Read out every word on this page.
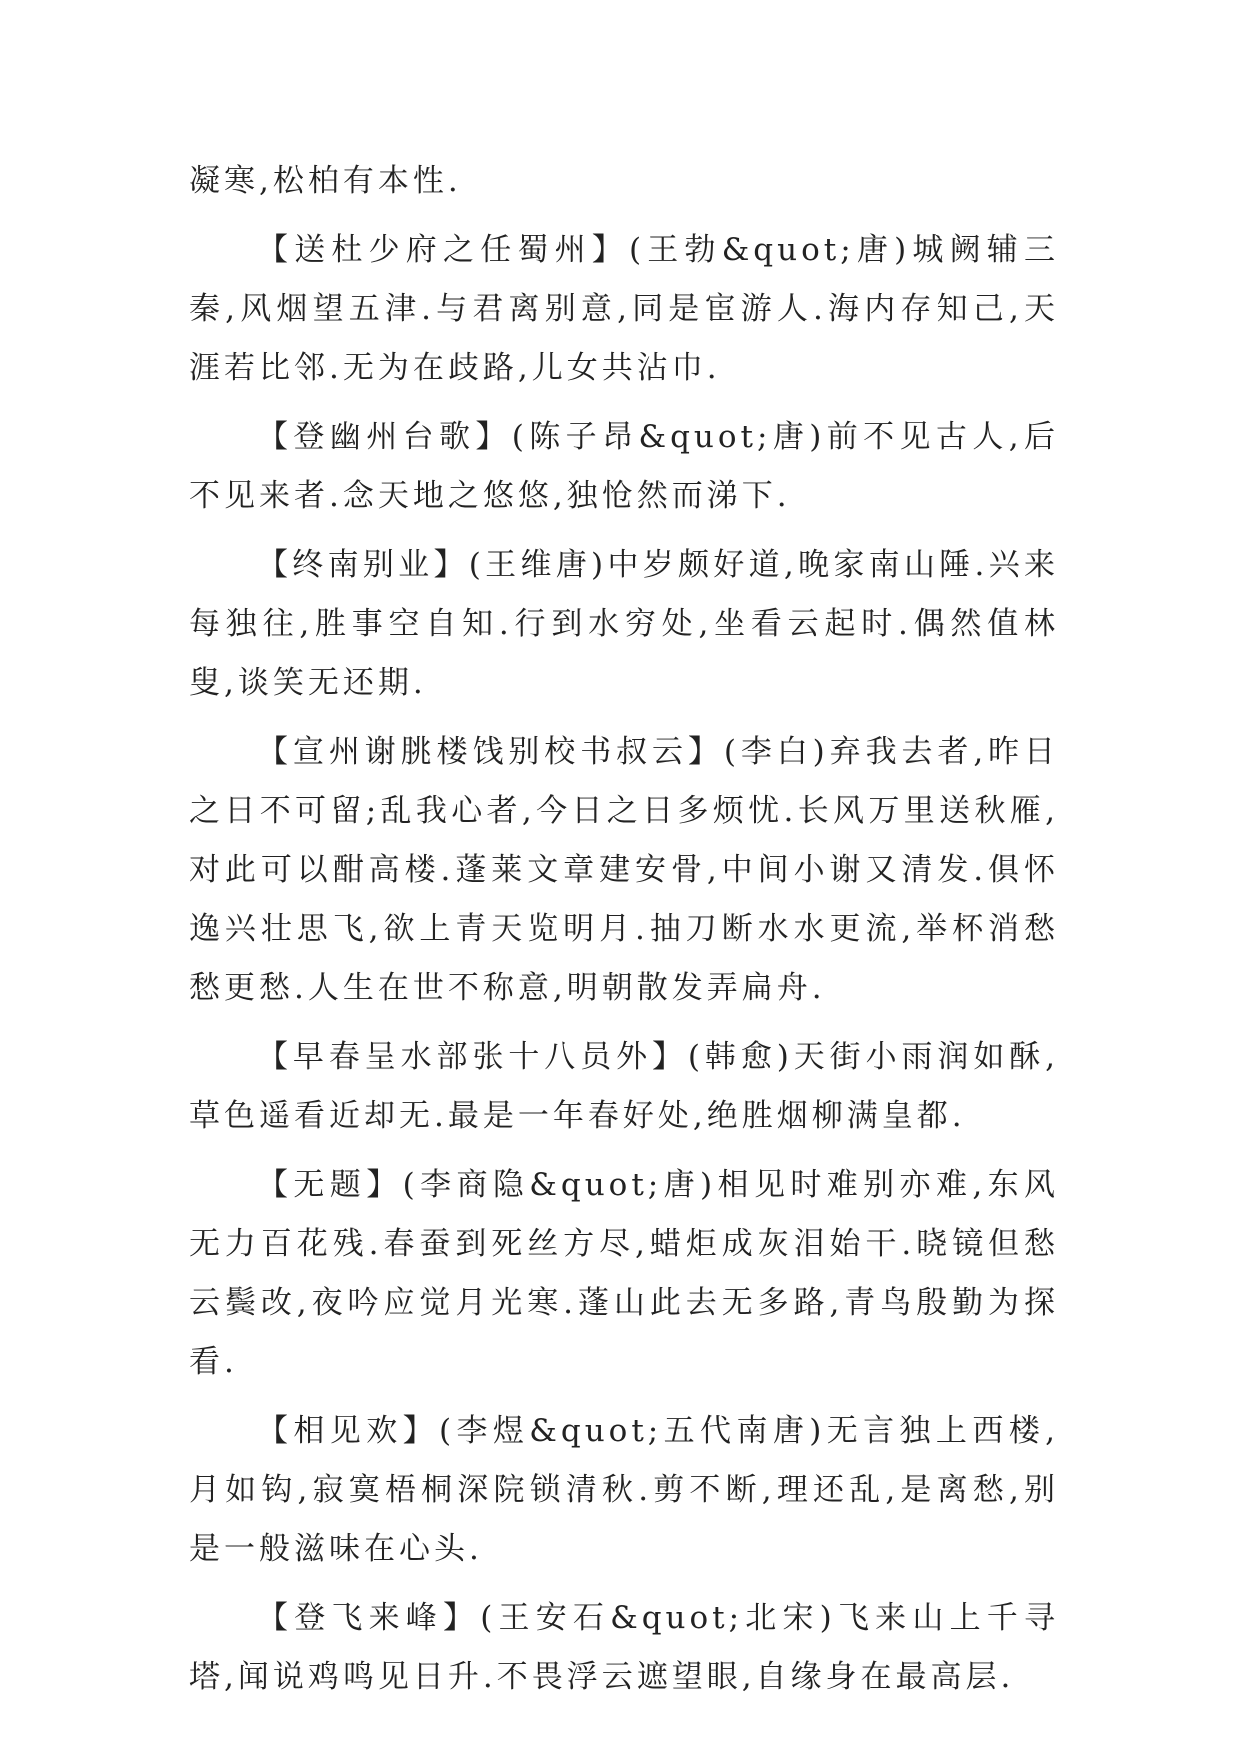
凝寒,松柏有本性.

【送杜少府之任蜀州】(王勃&quot;唐)城阙辅三秦,风烟望五津.与君离别意,同是宦游人.海内存知己,天涯若比邻.无为在歧路,儿女共沾巾.

【登幽州台歌】(陈子昂&quot;唐)前不见古人,后不见来者.念天地之悠悠,独怆然而涕下.

【终南别业】(王维唐)中岁颇好道,晚家南山陲.兴来每独往,胜事空自知.行到水穷处,坐看云起时.偶然值林叟,谈笑无还期.

【宣州谢朓楼饯别校书叔云】(李白)弃我去者,昨日之日不可留;乱我心者,今日之日多烦忧.长风万里送秋雁,对此可以酣高楼.蓬莱文章建安骨,中间小谢又清发.俱怀逸兴壮思飞,欲上青天览明月.抽刀断水水更流,举杯消愁愁更愁.人生在世不称意,明朝散发弄扁舟.

【早春呈水部张十八员外】(韩愈)天街小雨润如酥,草色遥看近却无.最是一年春好处,绝胜烟柳满皇都.

【无题】(李商隐&quot;唐)相见时难别亦难,东风无力百花残.春蚕到死丝方尽,蜡炬成灰泪始干.晓镜但愁云鬓改,夜吟应觉月光寒.蓬山此去无多路,青鸟殷勤为探看.

【相见欢】(李煜&quot;五代南唐)无言独上西楼,月如钩,寂寞梧桐深院锁清秋.剪不断,理还乱,是离愁,别是一般滋味在心头.

【登飞来峰】(王安石&quot;北宋)飞来山上千寻塔,闻说鸡鸣见日升.不畏浮云遮望眼,自缘身在最高层.
